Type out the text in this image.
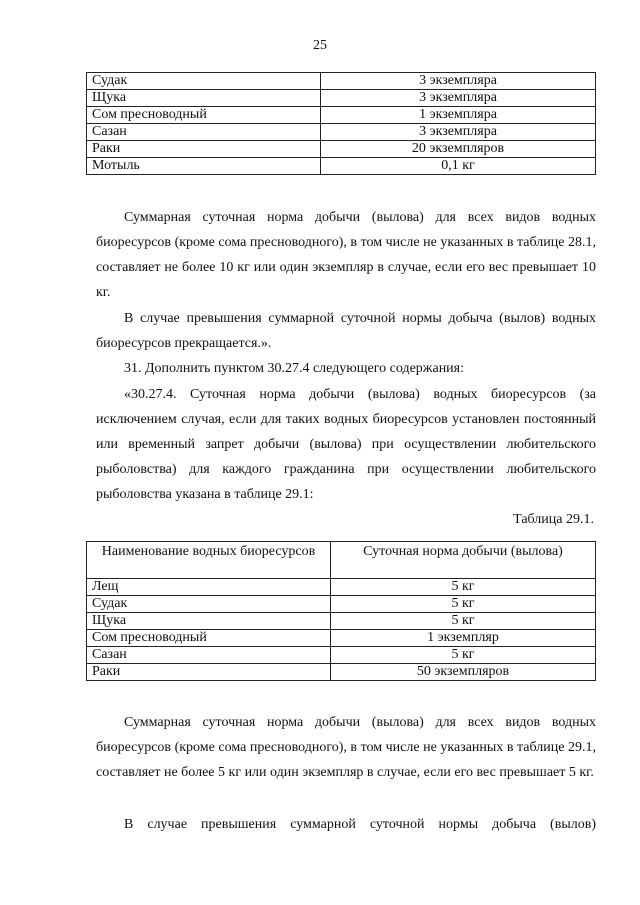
25
Судак	3 экземпляра
Щука	3 экземпляра
Сом пресноводный	1 экземпляра
Сазан	3 экземпляра
Раки	20 экземпляров
Мотыль	0,1 кг

Суммарная суточная норма добычи (вылова) для всех видов водных биоресурсов (кроме сома пресноводного), в том числе не указанных в таблице 28.1, составляет не более 10 кг или один экземпляр в случае, если его вес превышает 10 кг.

В случае превышения суммарной суточной нормы добыча (вылов) водных биоресурсов прекращается.».

31. Дополнить пунктом 30.27.4 следующего содержания:

«30.27.4. Суточная норма добычи (вылова) водных биоресурсов (за исключением случая, если для таких водных биоресурсов установлен постоянный или временный запрет добычи (вылова) при осуществлении любительского рыболовства) для каждого гражданина при осуществлении любительского рыболовства указана в таблице 29.1:

Таблица 29.1.
Наименование водных биоресурсов	Суточная норма добычи (вылова)
Лещ	5 кг
Судак	5 кг
Щука	5 кг
Сом пресноводный	1 экземпляр
Сазан	5 кг
Раки	50 экземпляров

Суммарная суточная норма добычи (вылова) для всех видов водных биоресурсов (кроме сома пресноводного), в том числе не указанных в таблице 29.1, составляет не более 5 кг или один экземпляр в случае, если его вес превышает 5 кг.

В случае превышения суммарной суточной нормы добыча (вылов)
